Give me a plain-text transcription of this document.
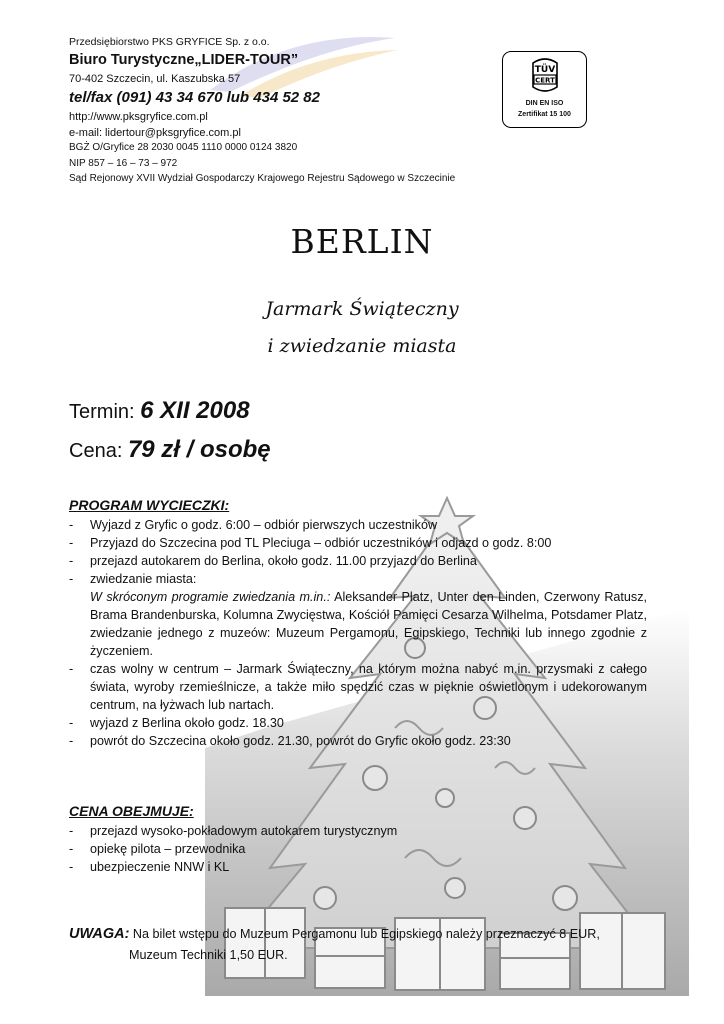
Przedsiębiorstwo PKS GRYFICE Sp. z o.o.
Biuro Turystyczne„LIDER-TOUR”
70-402 Szczecin, ul. Kaszubska 57
tel/fax (091) 43 34 670 lub 434 52 82
http://www.pksgryfice.com.pl
e-mail: lidertour@pksgryfice.com.pl
BGŻ O/Gryfice 28 2030 0045 1110 0000 0124 3820
NIP 857 – 16 – 73 – 972
Sąd Rejonowy XVII Wydział Gospodarczy Krajowego Rejestru Sądowego w Szczecinie
TÜV
CERT
DIN EN ISO
Zertifikat 15 100
BERLIN
Jarmark Świąteczny
i zwiedzanie miasta
Termin: 6 XII 2008
Cena: 79 zł / osobę
PROGRAM WYCIECZKI:
- Wyjazd z Gryfic o godz. 6:00 – odbiór pierwszych uczestników
- Przyjazd do Szczecina pod TL Pleciuga – odbiór uczestników i odjazd o godz. 8:00
- przejazd autokarem do Berlina, około godz. 11.00 przyjazd do Berlina
- zwiedzanie miasta:
W skróconym programie zwiedzania m.in.: Aleksander Platz, Unter den Linden, Czerwony Ratusz, Brama Brandenburska, Kolumna Zwycięstwa, Kościół Pamięci Cesarza Wilhelma, Potsdamer Platz, zwiedzanie jednego z muzeów: Muzeum Pergamonu, Egipskiego, Techniki lub innego zgodnie z życzeniem.
- czas wolny w centrum – Jarmark Świąteczny, na którym można nabyć m.in. przysmaki z całego świata, wyroby rzemieślnicze, a także miło spędzić czas w pięknie oświetlonym i udekorowanym centrum, na łyżwach lub nartach.
- wyjazd z Berlina około godz. 18.30
- powrót do Szczecina około godz. 21.30, powrót do Gryfic około godz. 23:30
CENA OBEJMUJE:
- przejazd wysoko-pokładowym autokarem turystycznym
- opiekę pilota – przewodnika
- ubezpieczenie NNW i KL
UWAGA: Na bilet wstępu do Muzeum Pergamonu lub Egipskiego należy przeznaczyć 8 EUR,
Muzeum Techniki 1,50 EUR.
